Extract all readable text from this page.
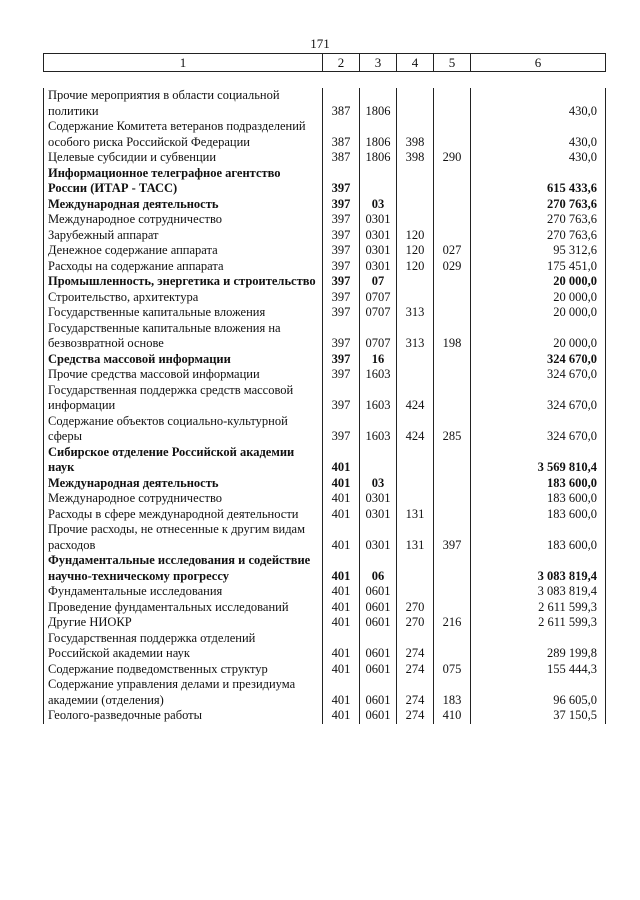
171
1	2	3	4	5	6
Прочие мероприятия в области социальной политики	387	1806			430,0
Содержание Комитета ветеранов подразделений особого риска Российской Федерации	387	1806	398		430,0
Целевые субсидии и субвенции	387	1806	398	290	430,0
Информационное телеграфное агентство России (ИТАР - ТАСС)	397				615 433,6
Международная деятельность	397	03			270 763,6
Международное сотрудничество	397	0301			270 763,6
Зарубежный аппарат	397	0301	120		270 763,6
Денежное содержание аппарата	397	0301	120	027	95 312,6
Расходы на содержание аппарата	397	0301	120	029	175 451,0
Промышленность, энергетика и строительство	397	07			20 000,0
Строительство, архитектура	397	0707			20 000,0
Государственные капитальные вложения	397	0707	313		20 000,0
Государственные капитальные вложения на безвозвратной основе	397	0707	313	198	20 000,0
Средства массовой информации	397	16			324 670,0
Прочие средства массовой информации	397	1603			324 670,0
Государственная поддержка средств массовой информации	397	1603	424		324 670,0
Содержание объектов социально-культурной сферы	397	1603	424	285	324 670,0
Сибирское отделение Российской академии наук	401				3 569 810,4
Международная деятельность	401	03			183 600,0
Международное сотрудничество	401	0301			183 600,0
Расходы в сфере международной деятельности	401	0301	131		183 600,0
Прочие расходы, не отнесенные к другим видам расходов	401	0301	131	397	183 600,0
Фундаментальные исследования и содействие научно-техническому прогрессу	401	06			3 083 819,4
Фундаментальные исследования	401	0601			3 083 819,4
Проведение фундаментальных исследований	401	0601	270		2 611 599,3
Другие НИОКР	401	0601	270	216	2 611 599,3
Государственная поддержка отделений Российской академии наук	401	0601	274		289 199,8
Содержание подведомственных структур	401	0601	274	075	155 444,3
Содержание управления делами и президиума академии (отделения)	401	0601	274	183	96 605,0
Геолого-разведочные работы	401	0601	274	410	37 150,5
